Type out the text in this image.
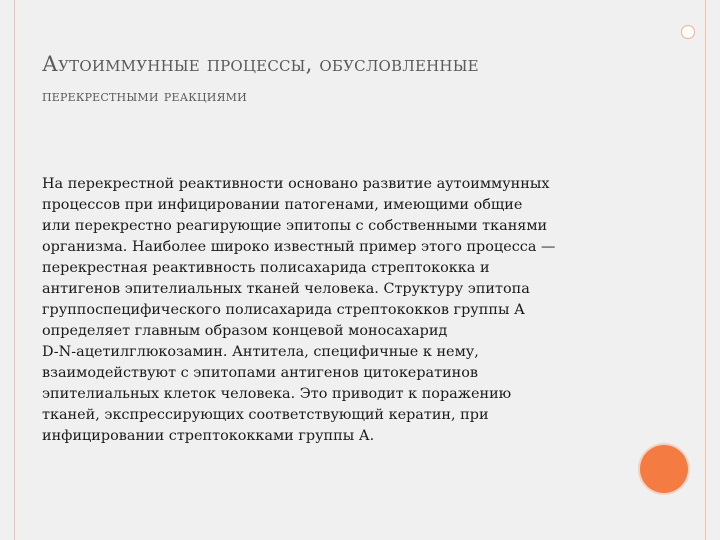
Аутоиммунные процессы, обусловленные
перекрестными реакциями
На перекрестной реактивности основано развитие аутоиммунных
процессов при инфицировании патогенами, имеющими общие
или перекрестно реагирующие эпитопы с собственными тканями
организма. Наиболее широко известный пример этого процесса —
перекрестная реактивность полисахарида стрептококка и
антигенов эпителиальных тканей человека. Структуру эпитопа
группоспецифического полисахарида стрептококков группы А
определяет главным образом концевой моносахарид
D-N-ацетилглюкозамин. Антитела, специфичные к нему,
взаимодействуют с эпитопами антигенов цитокератинов
эпителиальных клеток человека. Это приводит к поражению
тканей, экспрессирующих соответствующий кератин, при
инфицировании стрептококками группы А.
